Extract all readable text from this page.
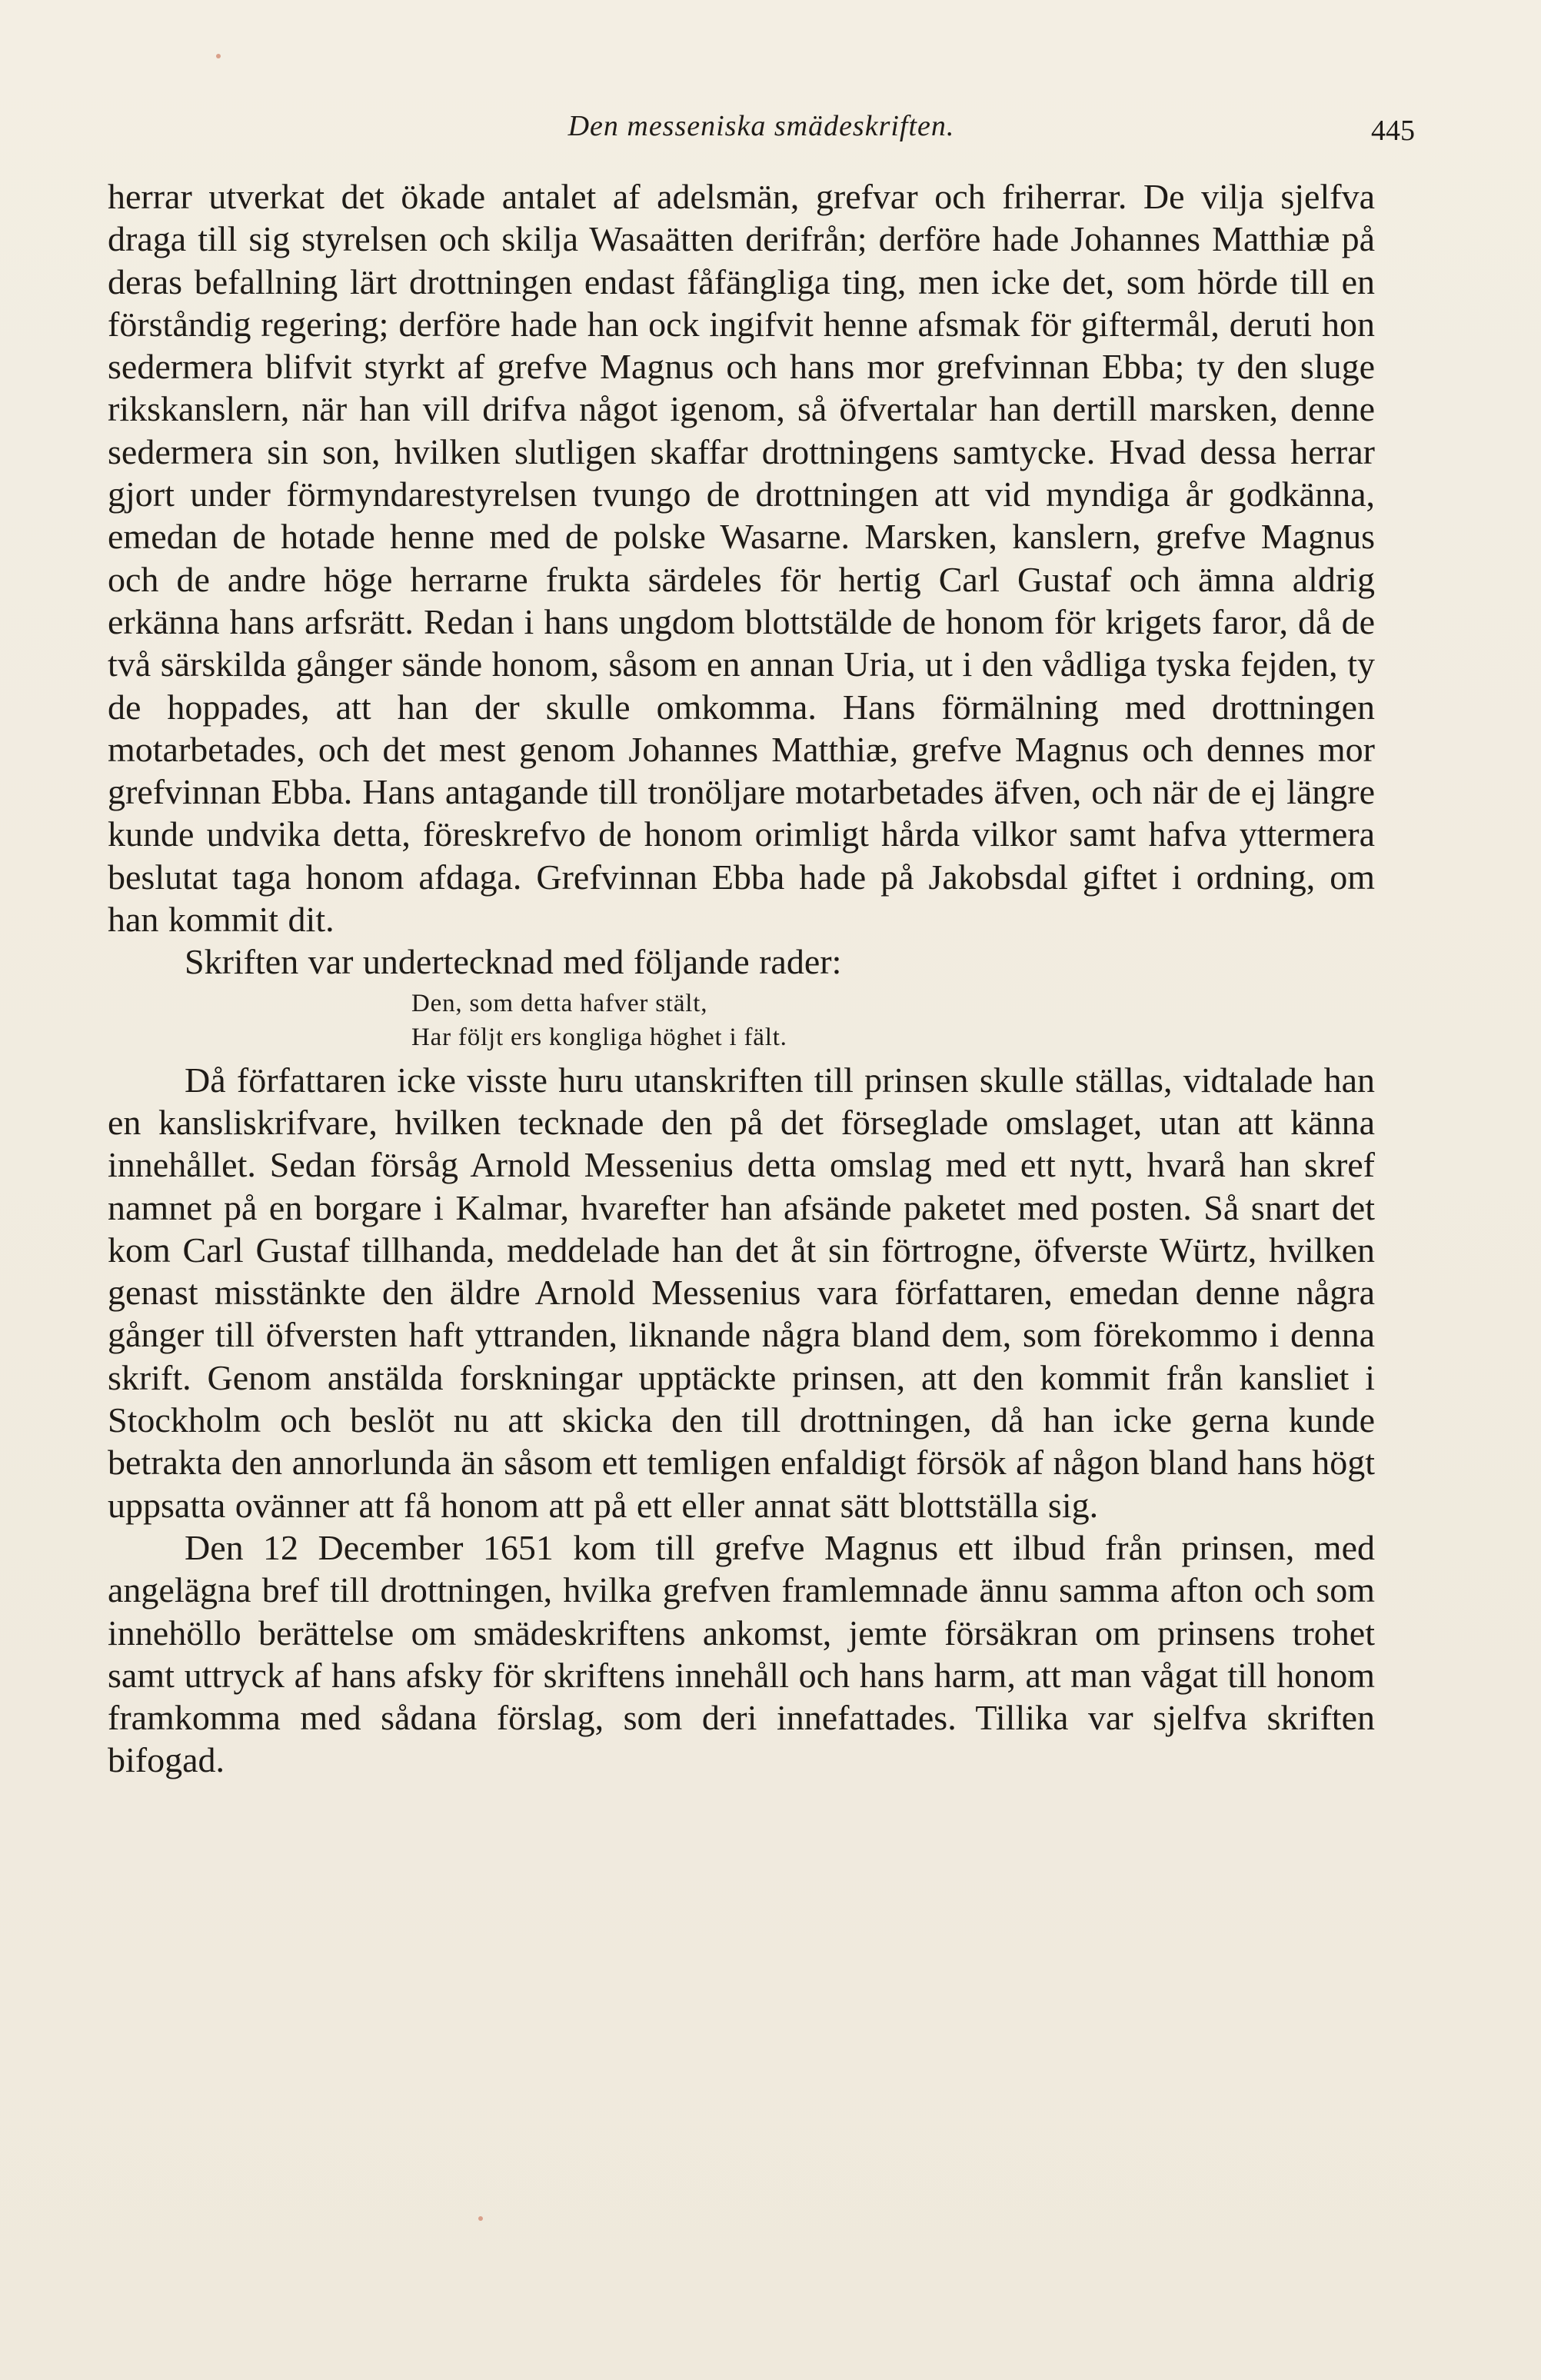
Den messeniska smädeskriften.	445

herrar utverkat det ökade antalet af adelsmän, grefvar och friherrar. De vilja sjelfva draga till sig styrelsen och skilja Wasaätten derifrån; derföre hade Johannes Matthiæ på deras befallning lärt drottningen endast fåfängliga ting, men icke det, som hörde till en förståndig regering; derföre hade han ock ingifvit henne afsmak för giftermål, deruti hon sedermera blifvit styrkt af grefve Magnus och hans mor grefvinnan Ebba; ty den sluge rikskanslern, när han vill drifva något igenom, så öfvertalar han dertill marsken, denne sedermera sin son, hvilken slutligen skaffar drottningens samtycke. Hvad dessa herrar gjort under förmyndarestyrelsen tvungo de drottningen att vid myndiga år godkänna, emedan de hotade henne med de polske Wasarne. Marsken, kanslern, grefve Magnus och de andre höge herrarne frukta särdeles för hertig Carl Gustaf och ämna aldrig erkänna hans arfsrätt. Redan i hans ungdom blottstälde de honom för krigets faror, då de två särskilda gånger sände honom, såsom en annan Uria, ut i den vådliga tyska fejden, ty de hoppades, att han der skulle omkomma. Hans förmälning med drottningen motarbetades, och det mest genom Johannes Matthiæ, grefve Magnus och dennes mor grefvinnan Ebba. Hans antagande till tronöljare motarbetades äfven, och när de ej längre kunde undvika detta, föreskrefvo de honom orimligt hårda vilkor samt hafva yttermera beslutat taga honom afdaga. Grefvinnan Ebba hade på Jakobsdal giftet i ordning, om han kommit dit.

Skriften var undertecknad med följande rader:

Den, som detta hafver stält,
Har följt ers kongliga höghet i fält.

Då författaren icke visste huru utanskriften till prinsen skulle ställas, vidtalade han en kansliskrifvare, hvilken tecknade den på det förseglade omslaget, utan att känna innehållet. Sedan försåg Arnold Messenius detta omslag med ett nytt, hvarå han skref namnet på en borgare i Kalmar, hvarefter han afsände paketet med posten. Så snart det kom Carl Gustaf tillhanda, meddelade han det åt sin förtrogne, öfverste Würtz, hvilken genast misstänkte den äldre Arnold Messenius vara författaren, emedan denne några gånger till öfversten haft yttranden, liknande några bland dem, som förekommo i denna skrift. Genom anstälda forskningar upptäckte prinsen, att den kommit från kansliet i Stockholm och beslöt nu att skicka den till drottningen, då han icke gerna kunde betrakta den annorlunda än såsom ett temligen enfaldigt försök af någon bland hans högt uppsatta ovänner att få honom att på ett eller annat sätt blottställa sig.

Den 12 December 1651 kom till grefve Magnus ett ilbud från prinsen, med angelägna bref till drottningen, hvilka grefven framlemnade ännu samma afton och som innehöllo berättelse om smädeskriftens ankomst, jemte försäkran om prinsens trohet samt uttryck af hans afsky för skriftens innehåll och hans harm, att man vågat till honom framkomma med sådana förslag, som deri innefattades. Tillika var sjelfva skriften bifogad.
